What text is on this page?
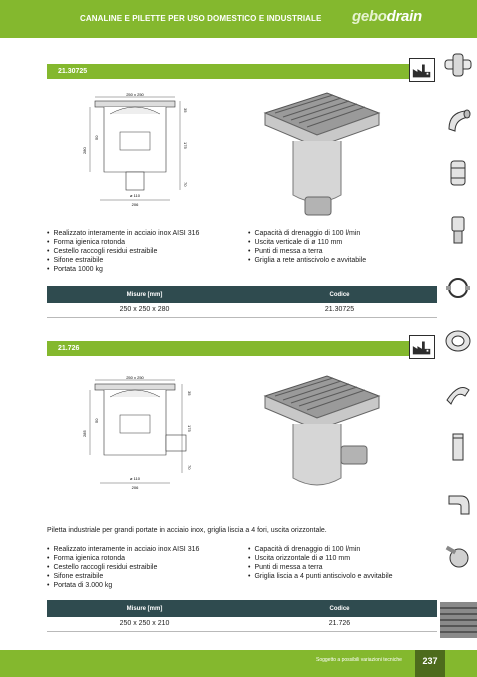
CANALINE E PILETTE PER USO DOMESTICO E INDUSTRIALE gebodrain
21.30725
250 x 250
35
175
70
280
50
ø 110
206
• Realizzato interamente in acciaio inox AISI 316
• Forma igienica rotonda
• Cestello raccogli residui estraibile
• Sifone estraibile
• Portata 1000 kg
• Capacità di drenaggio di 100 l/min
• Uscita verticale di ø 110 mm
• Punti di messa a terra
• Griglia a rete antiscivolo e avvitabile
Misure [mm]	Codice
250 x 250 x 280	21.30725
21.726
250 x 250
35
175
70
285
50
ø 110
206
Piletta industriale per grandi portate in acciaio inox, griglia liscia a 4 fori, uscita orizzontale.
• Realizzato interamente in acciaio inox AISI 316
• Forma igienica rotonda
• Cestello raccogli residui estraibile
• Sifone estraibile
• Portata di 3.000 kg
• Capacità di drenaggio di 100 l/min
• Uscita orizzontale di ø 110 mm
• Punti di messa a terra
• Griglia liscia a 4 punti antiscivolo e avvitabile
Misure [mm]	Codice
250 x 250 x 210	21.726
Soggetto a possibili variazioni tecniche	237
